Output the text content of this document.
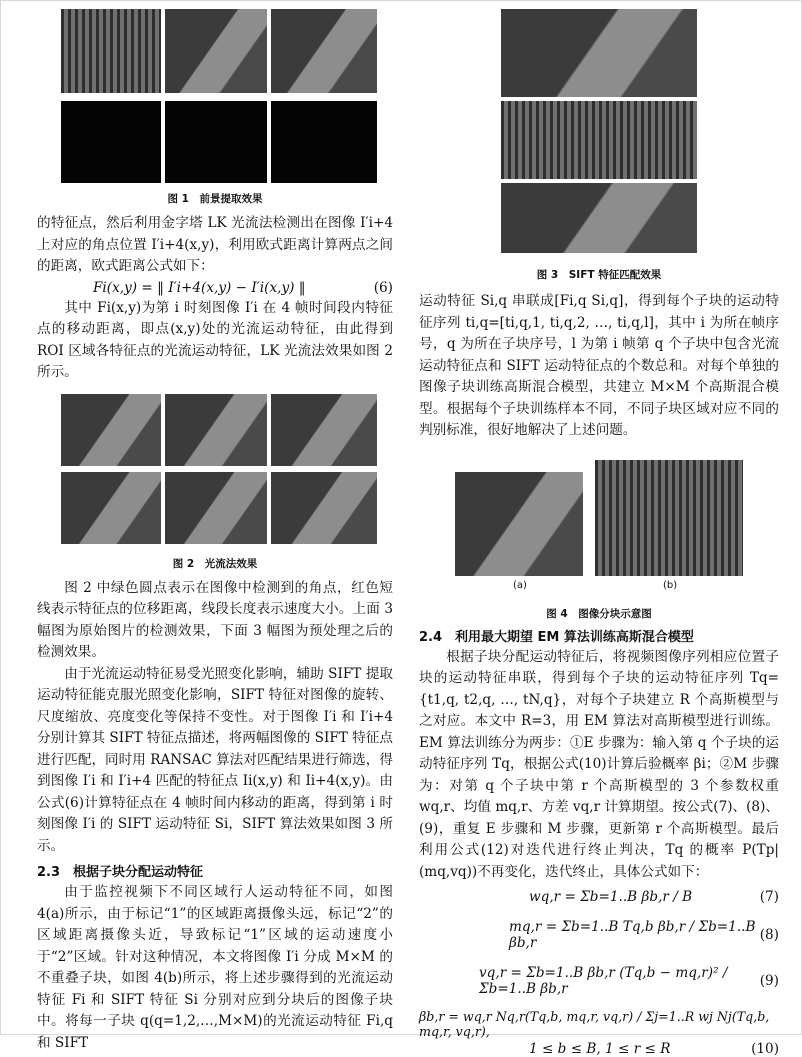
图 1　前景提取效果

的特征点，然后利用金字塔 LK 光流法检测出在图像 I′i+4 上对应的角点位置 I′i+4(x,y)，利用欧式距离计算两点之间的距离，欧式距离公式如下：

Fi(x,y) = ‖ I′i+4(x,y) − I′i(x,y) ‖	(6)

其中 Fi(x,y)为第 i 时刻图像 I′i 在 4 帧时间段内特征点的移动距离，即点(x,y)处的光流运动特征，由此得到 ROI 区域各特征点的光流运动特征，LK 光流法效果如图 2 所示。

图 2　光流法效果

图 2 中绿色圆点表示在图像中检测到的角点，红色短线表示特征点的位移距离，线段长度表示速度大小。上面 3 幅图为原始图片的检测效果，下面 3 幅图为预处理之后的检测效果。

由于光流运动特征易受光照变化影响，辅助 SIFT 提取运动特征能克服光照变化影响，SIFT 特征对图像的旋转、尺度缩放、亮度变化等保持不变性。对于图像 I′i 和 I′i+4 分别计算其 SIFT 特征点描述，将两幅图像的 SIFT 特征点进行匹配，同时用 RANSAC 算法对匹配结果进行筛选，得到图像 I′i 和 I′i+4 匹配的特征点 Ii(x,y) 和 Ii+4(x,y)。由公式(6)计算特征点在 4 帧时间内移动的距离，得到第 i 时刻图像 I′i 的 SIFT 运动特征 Si，SIFT 算法效果如图 3 所示。

2.3　根据子块分配运动特征

由于监控视频下不同区域行人运动特征不同，如图 4(a)所示，由于标记“1”的区域距离摄像头远，标记“2”的区域距离摄像头近，导致标记“1”区域的运动速度小于“2”区域。针对这种情况，本文将图像 I′i 分成 M×M 的不重叠子块，如图 4(b)所示，将上述步骤得到的光流运动特征 Fi 和 SIFT 特征 Si 分别对应到分块后的图像子块中。将每一子块 q(q=1,2,…,M×M)的光流运动特征 Fi,q 和 SIFT

图 3　SIFT 特征匹配效果

运动特征 Si,q 串联成[Fi,q Si,q]，得到每个子块的运动特征序列 ti,q=[ti,q,1, ti,q,2, …, ti,q,l]，其中 i 为所在帧序号，q 为所在子块序号，l 为第 i 帧第 q 个子块中包含光流运动特征点和 SIFT 运动特征点的个数总和。对每个单独的图像子块训练高斯混合模型，共建立 M×M 个高斯混合模型。根据每个子块训练样本不同，不同子块区域对应不同的判别标准，很好地解决了上述问题。

(a)	(b)
图 4　图像分块示意图

2.4　利用最大期望 EM 算法训练高斯混合模型

根据子块分配运动特征后，将视频图像序列相应位置子块的运动特征串联，得到每个子块的运动特征序列 Tq={t1,q, t2,q, …, tN,q}，对每个子块建立 R 个高斯模型与之对应。本文中 R=3，用 EM 算法对高斯模型进行训练。EM 算法训练分为两步：①E 步骤为：输入第 q 个子块的运动特征序列 Tq，根据公式(10)计算后验概率 βi；②M 步骤为：对第 q 个子块中第 r 个高斯模型的 3 个参数权重 wq,r、均值 mq,r、方差 vq,r 计算期望。按公式(7)、(8)、(9)，重复 E 步骤和 M 步骤，更新第 r 个高斯模型。最后利用公式(12)对迭代进行终止判决，Tq 的概率 P(Tp|(mq,vq))不再变化，迭代终止，具体公式如下：

wq,r = Σb=1..B βb,r / B	(7)
mq,r = Σb=1..B Tq,b βb,r / Σb=1..B βb,r	(8)
vq,r = Σb=1..B βb,r (Tq,b − mq,r)² / Σb=1..B βb,r	(9)
βb,r = wq,r Nq,r(Tq,b, mq,r, vq,r) / Σj=1..R wj Nj(Tq,b, mq,r, vq,r),
1 ≤ b ≤ B, 1 ≤ r ≤ R	(10)
